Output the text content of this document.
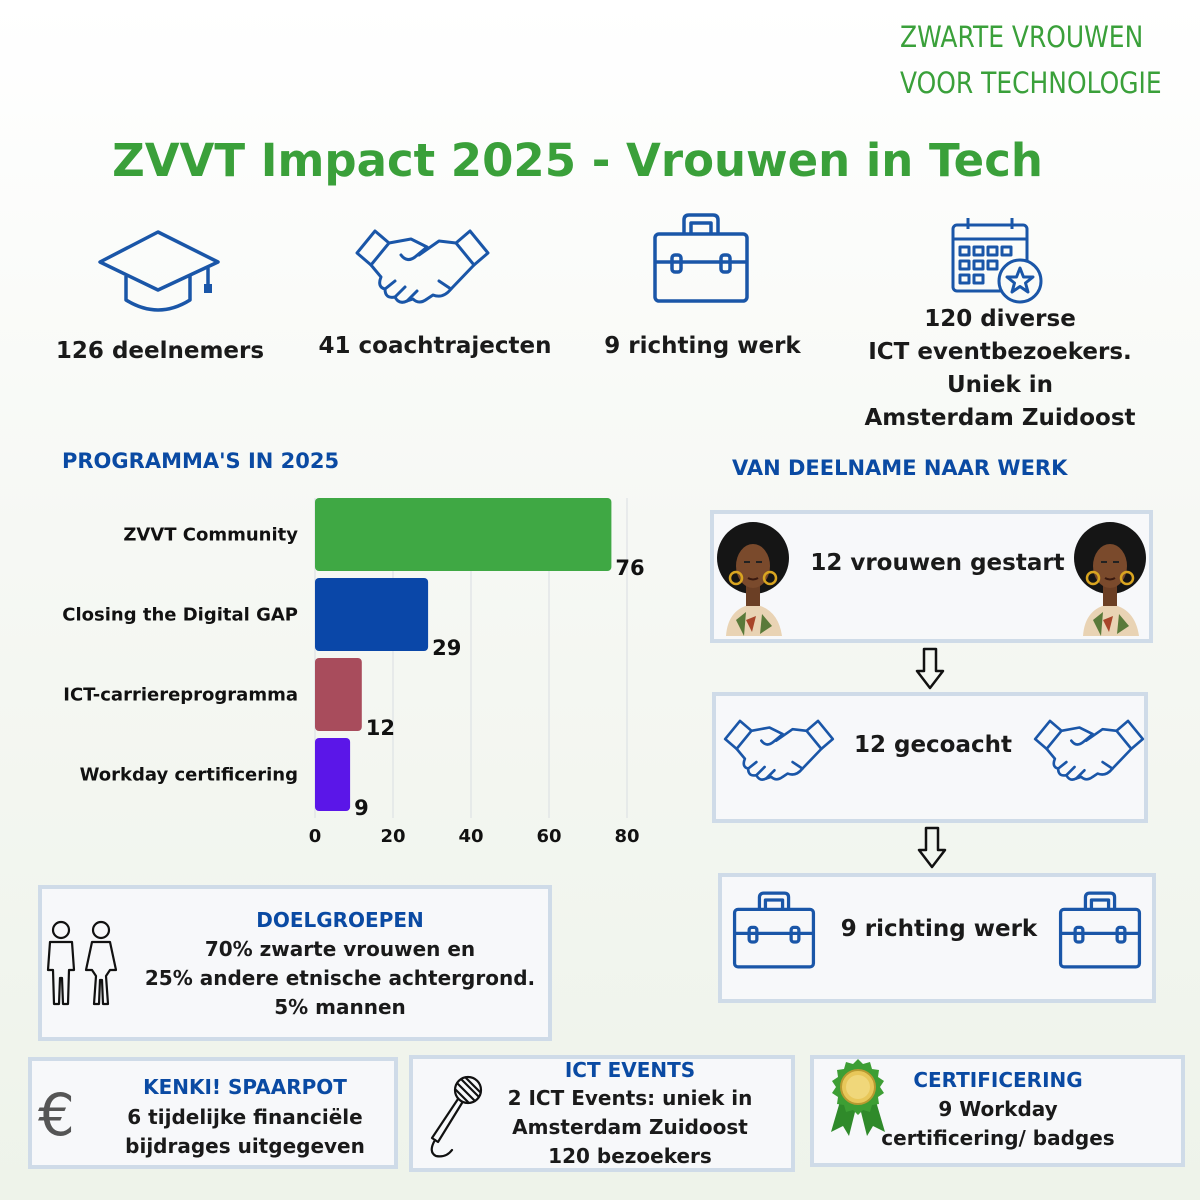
ZWARTE VROUWEN
VOOR TECHNOLOGIE
ZVVT Impact 2025 - Vrouwen in Tech
126 deelnemers	41 coachtrajecten	9 richting werk
120 diverse
ICT eventbezoekers.
Uniek in
Amsterdam Zuidoost
PROGRAMMA'S IN 2025
0	20	40	60	80
ZVVT Community
76
Closing the Digital GAP
29
ICT-carriereprogramma
12
Workday certificering
9
VAN DEELNAME NAAR WERK
12 vrouwen gestart
12 gecoacht
9 richting werk
DOELGROEPEN
70% zwarte vrouwen en
25% andere etnische achtergrond.
5% mannen
€	KENKI! SPAARPOT
6 tijdelijke financiële
bijdrages uitgegeven
ICT EVENTS
2 ICT Events: uniek in
Amsterdam Zuidoost
120 bezoekers
CERTIFICERING
9 Workday
certificering/ badges
